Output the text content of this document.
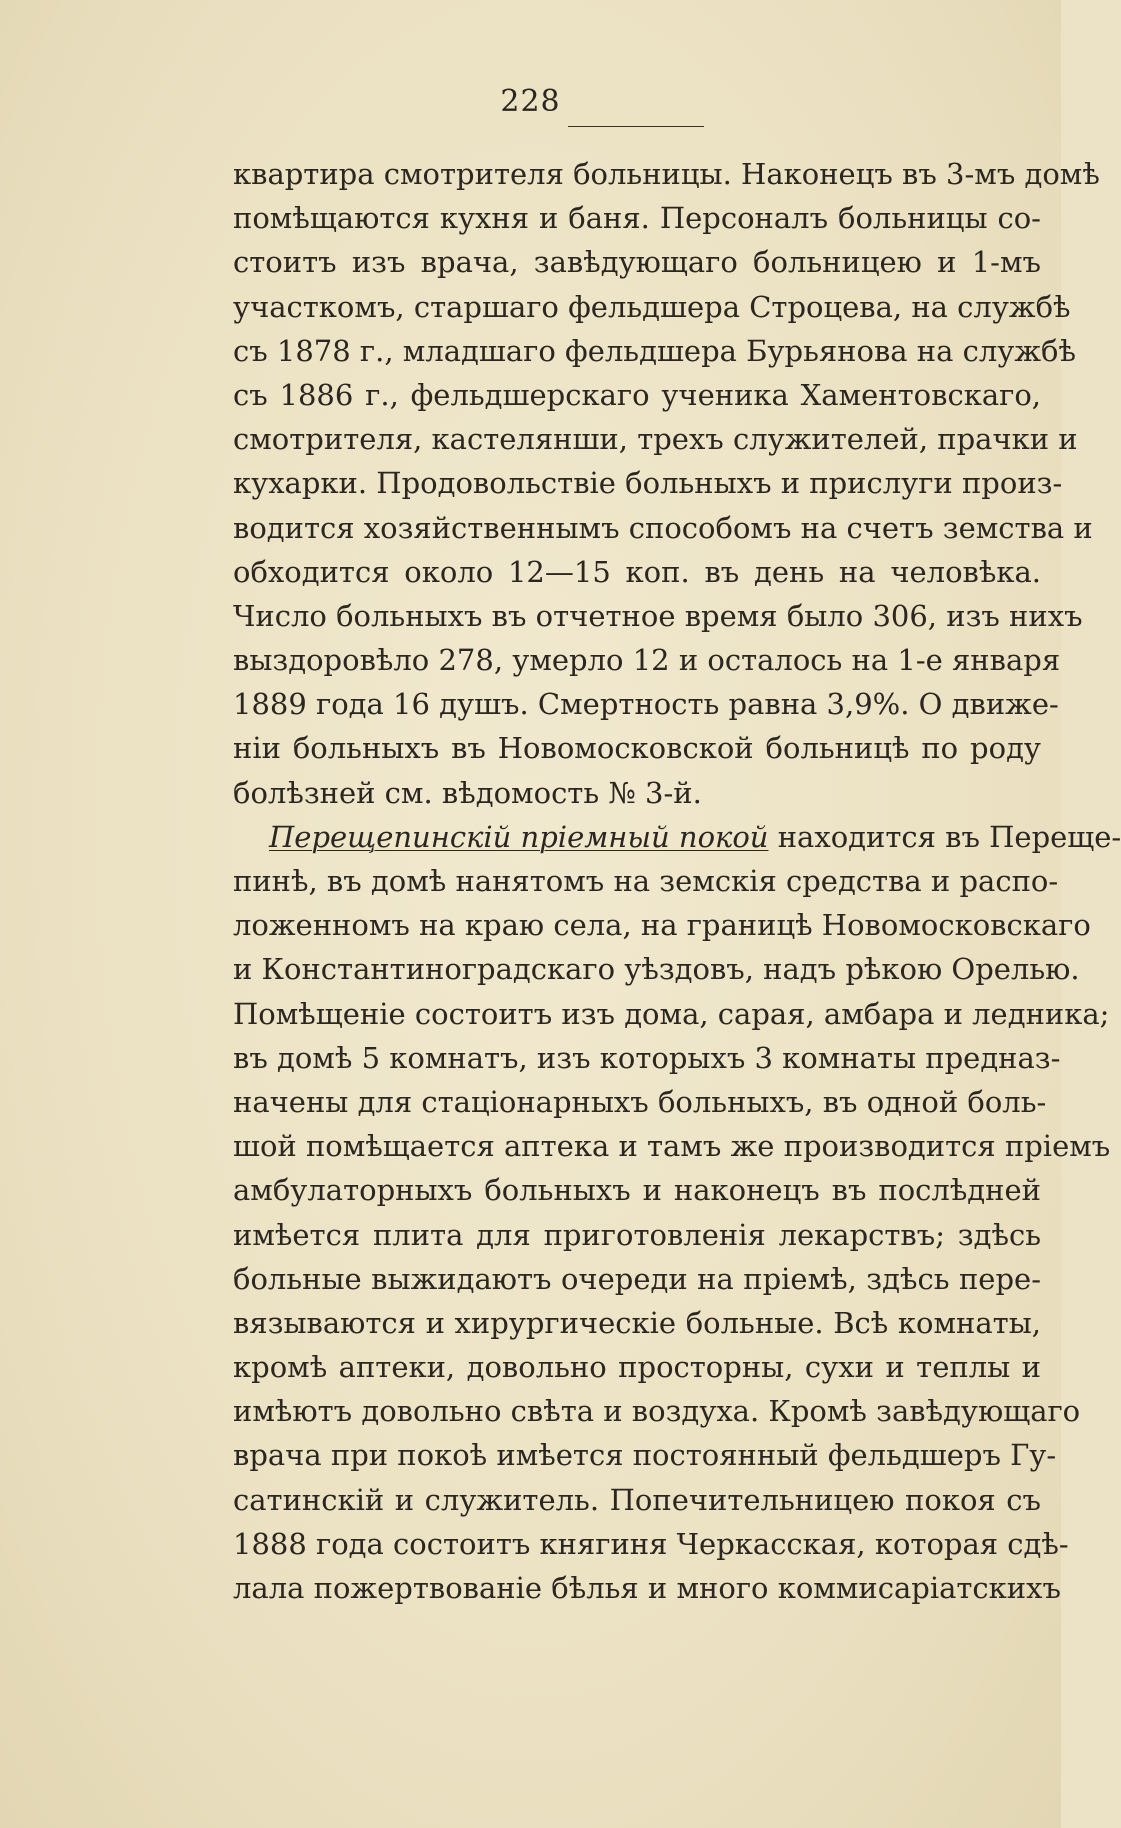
228
квартира смотрителя больницы. Наконецъ въ 3-мъ домѣ
помѣщаются кухня и баня. Персоналъ больницы со-
стоитъ изъ врача, завѣдующаго больницею и 1-мъ
участкомъ, старшаго фельдшера Строцева, на службѣ
съ 1878 г., младшаго фельдшера Бурьянова на службѣ
съ 1886 г., фельдшерскаго ученика Хаментовскаго,
смотрителя, кастелянши, трехъ служителей, прачки и
кухарки. Продовольствіе больныхъ и прислуги произ-
водится хозяйственнымъ способомъ на счетъ земства и
обходится около 12—15 коп. въ день на человѣка.
Число больныхъ въ отчетное время было 306, изъ нихъ
выздоровѣло 278, умерло 12 и осталось на 1-е января
1889 года 16 душъ. Смертность равна 3,9%. О движе-
ніи больныхъ въ Новомосковской больницѣ по роду
болѣзней см. вѣдомость № 3-й.
Перещепинскій пріемный покой находится въ Перещe-
пинѣ, въ домѣ нанятомъ на земскія средства и распо-
ложенномъ на краю села, на границѣ Новомосковскаго
и Константиноградскаго уѣздовъ, надъ рѣкою Орелью.
Помѣщеніе состоитъ изъ дома, сарая, амбара и ледника;
въ домѣ 5 комнатъ, изъ которыхъ 3 комнаты предназ-
начены для стаціонарныхъ больныхъ, въ одной боль-
шой помѣщается аптека и тамъ же производится пріемъ
амбулаторныхъ больныхъ и наконецъ въ послѣдней
имѣется плита для приготовленія лекарствъ; здѣсь
больные выжидаютъ очереди на пріемѣ, здѣсь пере-
вязываются и хирургическіе больные. Всѣ комнаты,
кромѣ аптеки, довольно просторны, сухи и теплы и
имѣютъ довольно свѣта и воздуха. Кромѣ завѣдующаго
врача при покоѣ имѣется постоянный фельдшеръ Гу-
сатинскій и служитель. Попечительницею покоя съ
1888 года состоитъ княгиня Черкасская, которая сдѣ-
лала пожертвованіе бѣлья и много коммисаріатскихъ
